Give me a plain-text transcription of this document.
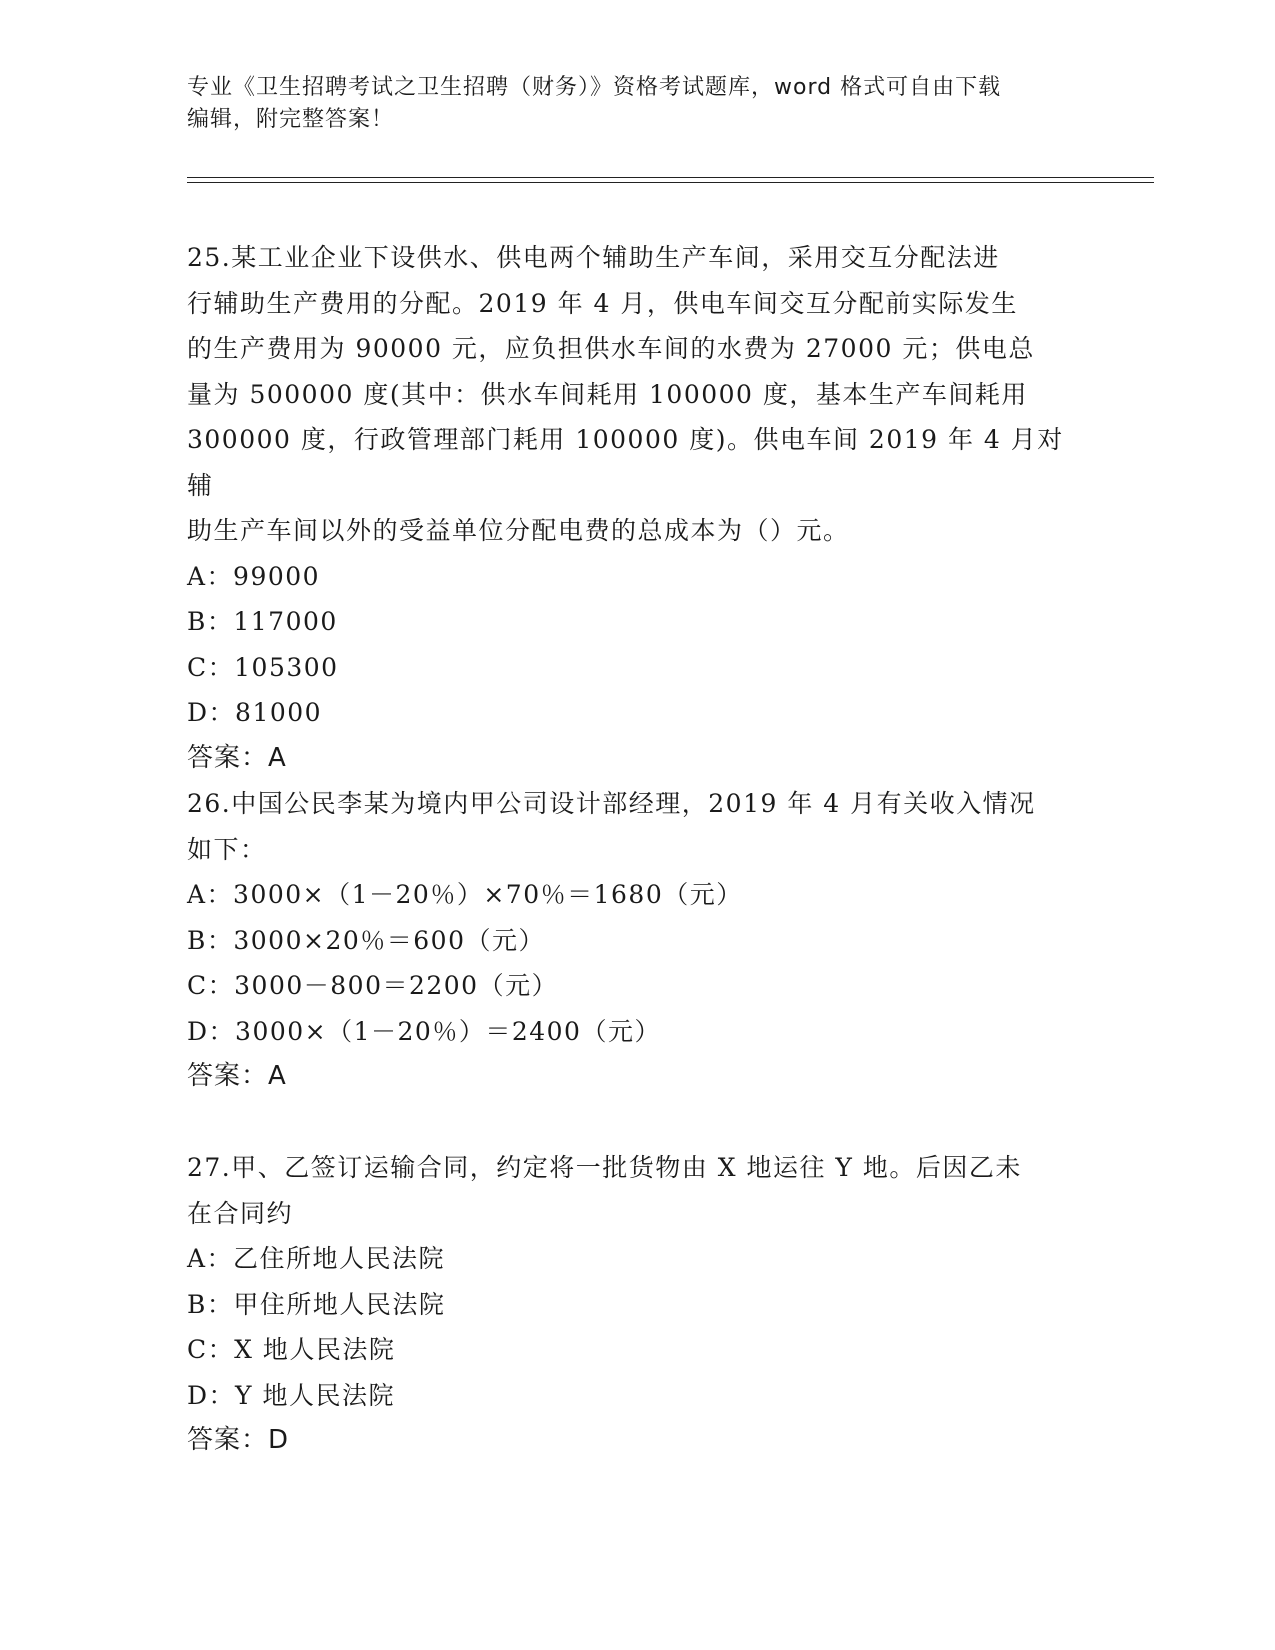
专业《卫生招聘考试之卫生招聘（财务）》资格考试题库，word 格式可自由下载
编辑，附完整答案！

25.某工业企业下设供水、供电两个辅助生产车间，采用交互分配法进

行辅助生产费用的分配。2019 年 4 月，供电车间交互分配前实际发生

的生产费用为 90000 元，应负担供水车间的水费为 27000 元；供电总

量为 500000 度(其中：供水车间耗用 100000 度，基本生产车间耗用

300000 度，行政管理部门耗用 100000 度)。供电车间 2019 年 4 月对辅

助生产车间以外的受益单位分配电费的总成本为（）元。

A：99000

B：117000

C：105300

D：81000

答案：A

26.中国公民李某为境内甲公司设计部经理，2019 年 4 月有关收入情况

如下：

A：3000×（1－20％）×70％＝1680（元）

B：3000×20％＝600（元）

C：3000－800＝2200（元）

D：3000×（1－20％）＝2400（元）

答案：A

27.甲、乙签订运输合同，约定将一批货物由 X 地运往 Y 地。后因乙未

在合同约

A：乙住所地人民法院

B：甲住所地人民法院

C：X 地人民法院

D：Y 地人民法院

答案：D
